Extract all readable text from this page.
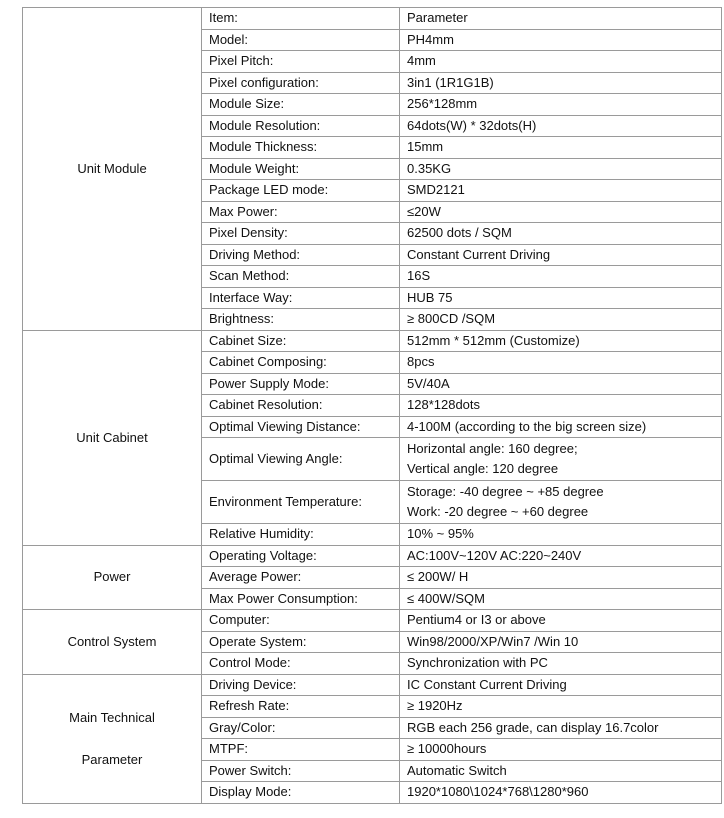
Unit Module	Item:	Parameter

	Model:	PH4mm

	Pixel Pitch:	4mm

	Pixel configuration:	3in1 (1R1G1B)

	Module Size:	256*128mm

	Module Resolution:	64dots(W) * 32dots(H)

	Module Thickness:	15mm

	Module Weight:	0.35KG

	Package LED mode:	SMD2121

	Max Power:	≤20W

	Pixel Density:	62500 dots / SQM

	Driving Method:	Constant Current Driving

	Scan Method:	16S

	Interface Way:	HUB 75

	Brightness:	≥ 800CD /SQM

Unit Cabinet	Cabinet Size:	512mm * 512mm (Customize)

	Cabinet Composing:	8pcs

	Power Supply Mode:	5V/40A

	Cabinet Resolution:	128*128dots

	Optimal Viewing Distance:	4-100M (according to the big screen size)

	Optimal Viewing Angle:	Horizontal angle: 160 degree;
Vertical angle: 120 degree

	Environment Temperature:	Storage: -40 degree ~ +85 degree
Work: -20 degree ~ +60 degree

	Relative Humidity:	10% ~ 95%

Power	Operating Voltage:	AC:100V~120V AC:220~240V

	Average Power:	≤ 200W/ H

	Max Power Consumption:	≤ 400W/SQM

Control System	Computer:	Pentium4 or I3 or above

	Operate System:	Win98/2000/XP/Win7 /Win 10

	Control Mode:	Synchronization with PC

Main Technical
Parameter	Driving Device:	IC Constant Current Driving

	Refresh Rate:	≥ 1920Hz

	Gray/Color:	RGB each 256 grade, can display 16.7color

	MTPF:	≥ 10000hours

	Power Switch:	Automatic Switch

	Display Mode:	1920*1080\1024*768\1280*960
